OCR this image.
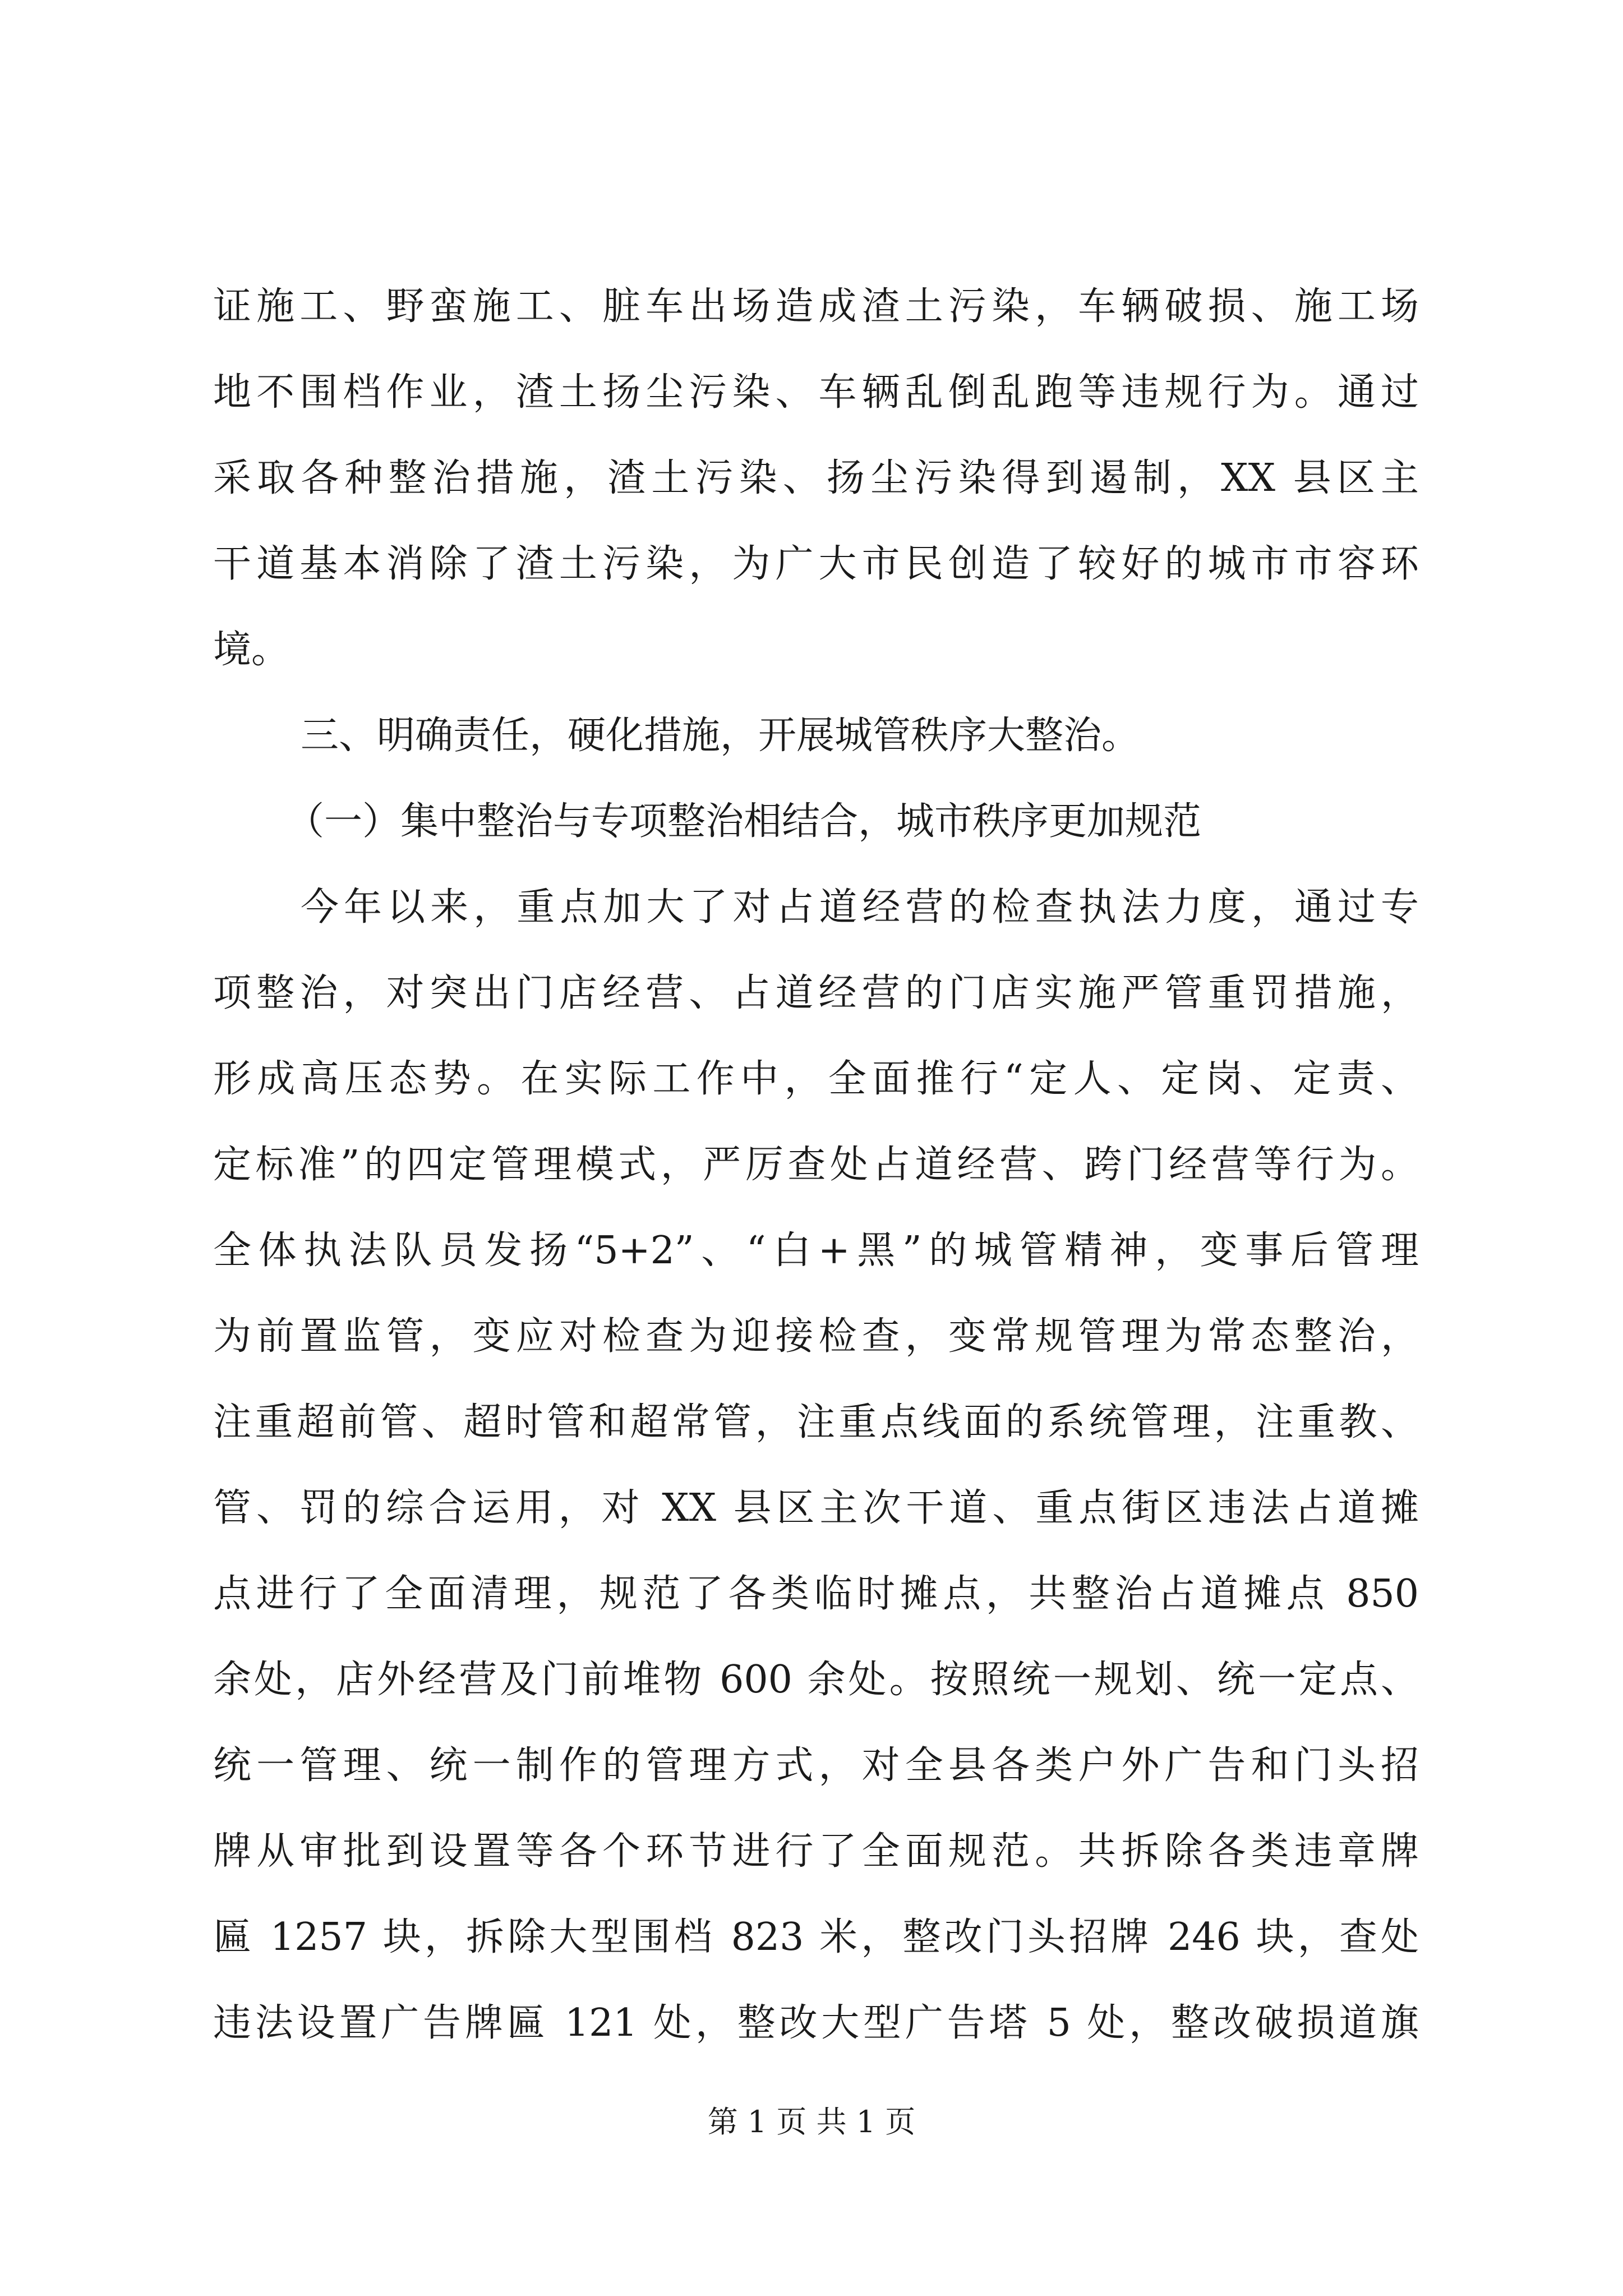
证施工、野蛮施工、脏车出场造成渣土污染，车辆破损、施工场
地不围档作业，渣土扬尘污染、车辆乱倒乱跑等违规行为。通过
采取各种整治措施，渣土污染、扬尘污染得到遏制，XX 县区主
干道基本消除了渣土污染，为广大市民创造了较好的城市市容环
境。
三、明确责任，硬化措施，开展城管秩序大整治。
（一）集中整治与专项整治相结合，城市秩序更加规范
今年以来，重点加大了对占道经营的检查执法力度，通过专
项整治，对突出门店经营、占道经营的门店实施严管重罚措施，
形成高压态势。在实际工作中，全面推行“定人、定岗、定责、
定标准”的四定管理模式，严厉查处占道经营、跨门经营等行为。
全体执法队员发扬“5+2”、“白+黑”的城管精神，变事后管理
为前置监管，变应对检查为迎接检查，变常规管理为常态整治，
注重超前管、超时管和超常管，注重点线面的系统管理，注重教、
管、罚的综合运用，对 XX 县区主次干道、重点街区违法占道摊
点进行了全面清理，规范了各类临时摊点，共整治占道摊点 850
余处，店外经营及门前堆物 600 余处。按照统一规划、统一定点、
统一管理、统一制作的管理方式，对全县各类户外广告和门头招
牌从审批到设置等各个环节进行了全面规范。共拆除各类违章牌
匾 1257 块，拆除大型围档 823 米，整改门头招牌 246 块，查处
违法设置广告牌匾 121 处，整改大型广告塔 5 处，整改破损道旗
第 1 页 共 1 页
